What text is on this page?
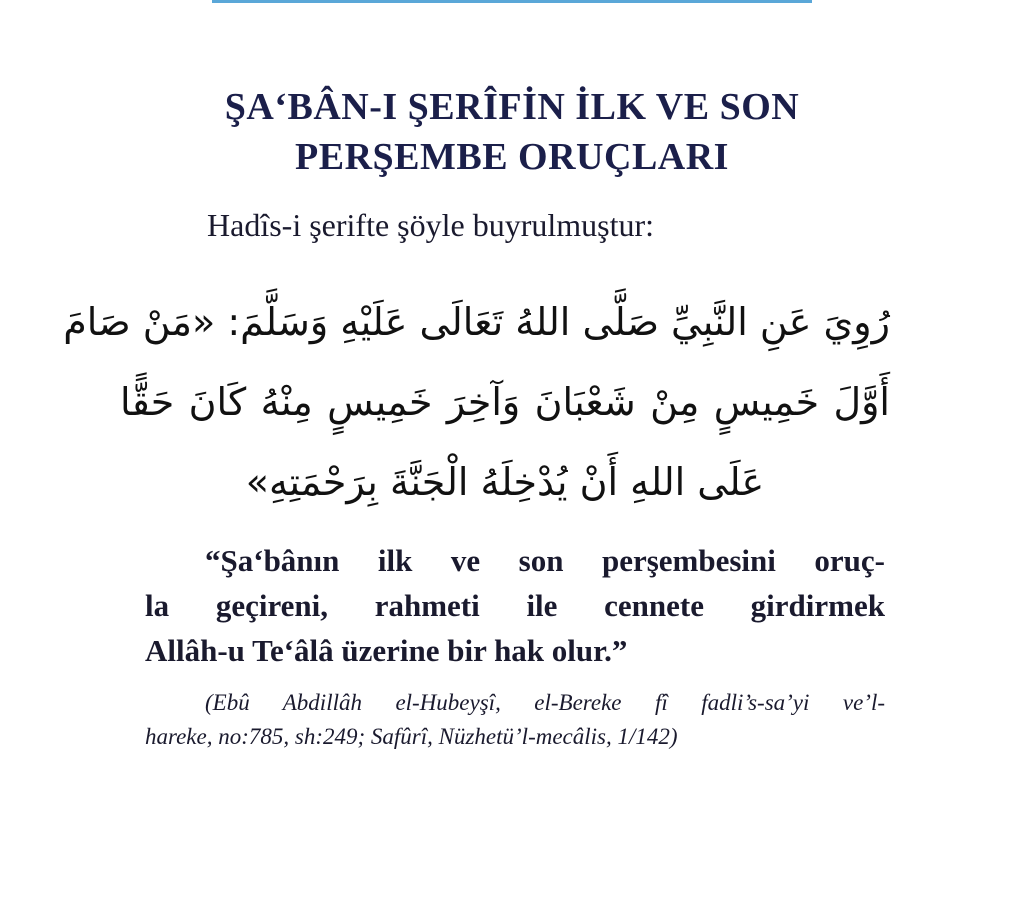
ŞA‘BÂN-I ŞERÎFİN İLK VE SON
PERŞEMBE ORUÇLARI
Hadîs-i şerifte şöyle buyrulmuştur:
رُوِيَ عَنِ النَّبِيِّ صَلَّى اللهُ تَعَالَى عَلَيْهِ وَسَلَّمَ: «مَنْ صَامَ
أَوَّلَ خَمِيسٍ مِنْ شَعْبَانَ وَآخِرَ خَمِيسٍ مِنْهُ كَانَ حَقًّا
عَلَى اللهِ أَنْ يُدْخِلَهُ الْجَنَّةَ بِرَحْمَتِهِ»
“Şa‘bânın ilk ve son perşembesini oruç-
la geçireni, rahmeti ile cennete girdirmek
Allâh-u Te‘âlâ üzerine bir hak olur.”
(Ebû Abdillâh el-Hubeyşî, el-Bereke fî fadli’s-sa’yi ve’l-
hareke, no:785, sh:249; Safûrî, Nüzhetü’l-mecâlis, 1/142)
